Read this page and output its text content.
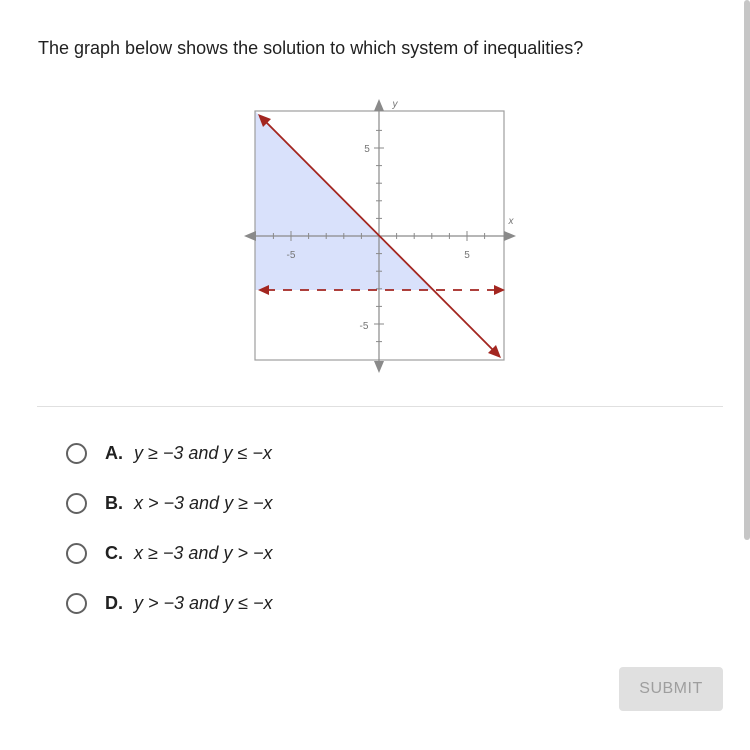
The graph below shows the solution to which system of inequalities?
-5	5
5
-5
y
x
A. y ≥ −3 and y ≤ −x
B. x > −3 and y ≥ −x
C. x ≥ −3 and y > −x
D. y > −3 and y ≤ −x
SUBMIT
